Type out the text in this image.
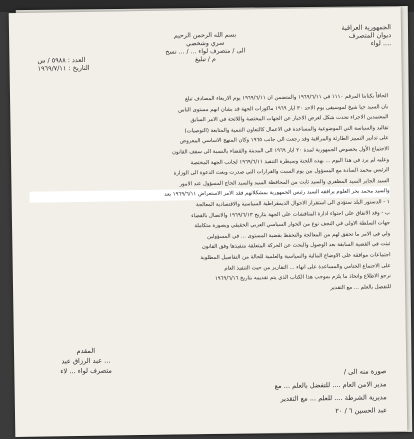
الجمهورية العراقية
ديوان المتصرف
لواء ....
بسم الله الرحمن الرحيم
سري وشخصي
الى / متصرف لواء ... / ... نسخ
م / تبليغ
العدد : ٥٩٨٨ / س
التاريخ : ١٩٦٩/٧/١١
الحاقاً بكتابنا المرقم ١١١٠ في ١٩٦٩/٦/١١ والمتضمن ان ١٩٦٩/٦/١١ يوم الاربعاء المصادف تبلغ
بان السيد جيا شيخ لموسيقى يوم الاحد ٣٠ ايار ١٩٦٩ ماكورات الجهة قد بشان انهم مستوى الناس
المعتمدين الاجراء تحدت شكل لغرض الاخبار عن الجهات المختصة واللائحة في الامر السابق
تقاليد والسياسة التي الموضوعية والمساعدة في الاعمال كالتعاون التنمية والمتابعة (التوصيات)
على تدابير التمييز الطارئة والمراقبة وقد رجعت الى جانب ١٩٦٥ وكان المنهج الاساسي المعروض
الاجتماع الأول بخصوص الجمهورية لمدة ٢٠ ايار ١٩٦٩ الى المدينة والقضاء بالنسبة الى سقف القانون
وعليه لم يرد في هذا اليوم ... بهذه اللجنة وسيطرة التنفيذ ١٩٦٩/٦/١١ لجانب الجهة المختصة
الرئيس محمد السادة مع المسؤول بين يوم السبت والقرارات التي صدرت وبعث الدعوة الى الوزارة
السيد الجاير السيد المظفري والسيد ثابت من المحافظة السيد والسيد الحاج المسؤول عند الامور
والسيد محمد بحر العلوم يرافقه السيد رئيس الجمهورية بمشكلاتهم فقد الامر الاستعراض ١٩٦٩/٦/١١ بعد
١ - الدستور البلد ستؤدي الى استقرار الاحوال الديمقراطية السياسية والاقتصادية المعالجة
ب - وقد الاتفاق على احتواء ادارة المناقشات على الجهة بتاريخ ١٩٦٩/٦/١٣ والاتصال بالقضاء
جهات السلطة الاولى في النجف نوع من الحوار السياسي العربي الحقيقي وبصورة متكاملة
ولي في الامر ما تحقق لهم من المعالجة والتحفظ بقضية المستوى ... في المسؤولين
ثبتت في القضية السابقة بعد الوصول والبحث عن الحركة المتعلقة بتنفيذها وفق القانون
اجتماعات موافقة على الاوضاع المالية والسياسية والعلمية للحالة من التفاصيل المطلوبة
على الاجتماع الختامي والمساعدة على انهاء ... التقارير من حيث التنفيذ العام
نرجو الاطلاع واتخاذ ما يلزم بموجب هذا الكتاب الذي يتم تقديمه بتاريخ ١٩٦٩/٦/١٦
للتفضل بالعلم ... مع التقدير
المقدم
عبد الرزاق عبد ...
متصرف لواء ... لاء	صورة منه الى /
مدير الامن العام .... للتفضل بالعلم ... مع
مديرية الشرطة .... للعلم ... مع التقدير
عبد الحسين ٦ / ٢٠
